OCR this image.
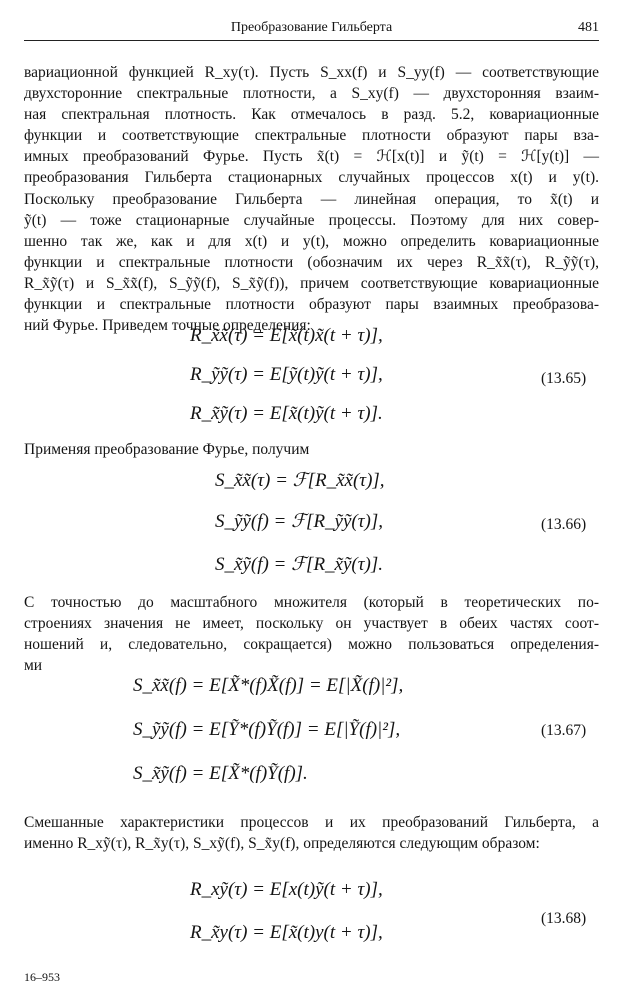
Преобразование Гильберта	481
вариационной функцией R_xy(τ). Пусть S_xx(f) и S_yy(f) — соответствующие
двухсторонние спектральные плотности, а S_xy(f) — двухсторонняя взаим-
ная спектральная плотность. Как отмечалось в разд. 5.2, ковариационные
функции и соответствующие спектральные плотности образуют пары вза-
имных преобразований Фурье. Пусть x̃(t) = ℋ[x(t)] и ỹ(t) = ℋ[y(t)] —
преобразования Гильберта стационарных случайных процессов x(t) и y(t).
Поскольку преобразование Гильберта — линейная операция, то x̃(t) и
ỹ(t) — тоже стационарные случайные процессы. Поэтому для них совер-
шенно так же, как и для x(t) и y(t), можно определить ковариационные
функции и спектральные плотности (обозначим их через R_x̃x̃(τ), R_ỹỹ(τ),
R_x̃ỹ(τ) и S_x̃x̃(f), S_ỹỹ(f), S_x̃ỹ(f)), причем соответствующие ковариационные
функции и спектральные плотности образуют пары взаимных преобразова-
ний Фурье. Приведем точные определения:
R_x̃x̃(τ) = E[x̃(t)x̃(t + τ)],
R_ỹỹ(τ) = E[ỹ(t)ỹ(t + τ)],
R_x̃ỹ(τ) = E[x̃(t)ỹ(t + τ)].
(13.65)
Применяя преобразование Фурье, получим
S_x̃x̃(τ) = ℱ[R_x̃x̃(τ)],
S_ỹỹ(f) = ℱ[R_ỹỹ(τ)],
S_x̃ỹ(f) = ℱ[R_x̃ỹ(τ)].
(13.66)
С точностью до масштабного множителя (который в теоретических по-
строениях значения не имеет, поскольку он участвует в обеих частях соот-
ношений и, следовательно, сокращается) можно пользоваться определения-
ми
S_x̃x̃(f) = E[X̃*(f)X̃(f)] = E[|X̃(f)|²],
S_ỹỹ(f) = E[Ỹ*(f)Ỹ(f)] = E[|Ỹ(f)|²],
S_x̃ỹ(f) = E[X̃*(f)Ỹ(f)].
(13.67)
Смешанные характеристики процессов и их преобразований Гильберта, а
именно R_xỹ(τ), R_x̃y(τ), S_xỹ(f), S_x̃y(f), определяются следующим образом:
R_xỹ(τ) = E[x(t)ỹ(t + τ)],
R_x̃y(τ) = E[x̃(t)y(t + τ)],
(13.68)
16–953
